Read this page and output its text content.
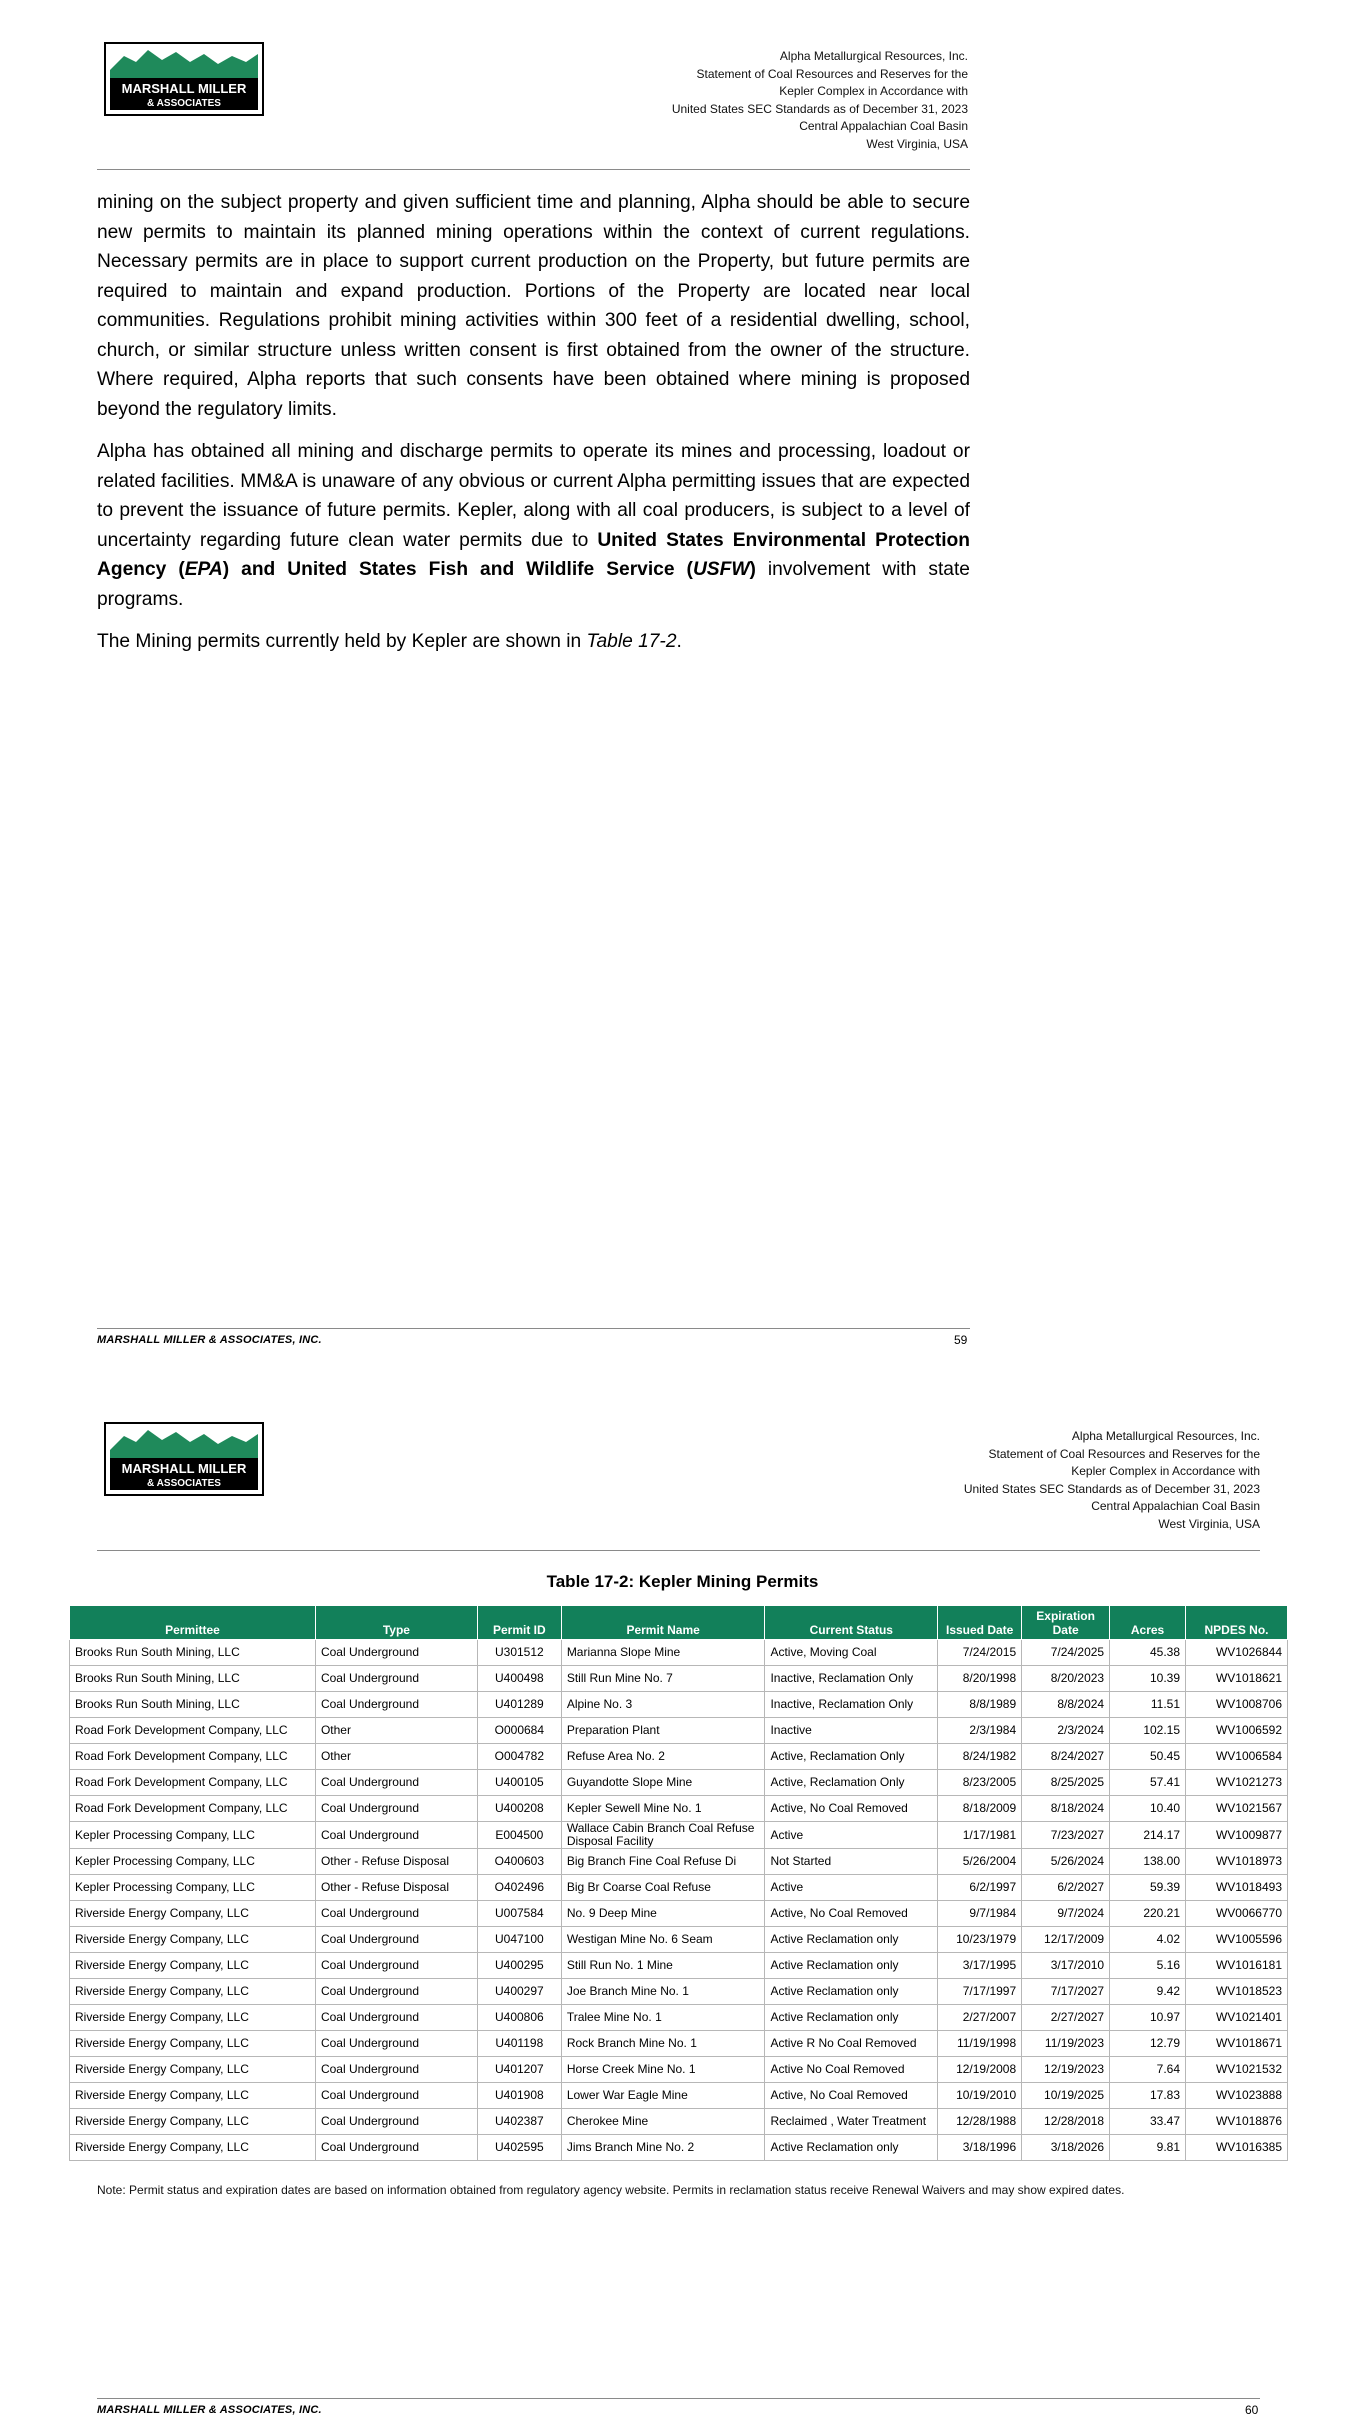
MARSHALL MILLER
& ASSOCIATES
Alpha Metallurgical Resources, Inc.
Statement of Coal Resources and Reserves for the
Kepler Complex in Accordance with
United States SEC Standards as of December 31, 2023
Central Appalachian Coal Basin
West Virginia, USA

mining on the subject property and given sufficient time and planning, Alpha should be able to secure new permits to maintain its planned mining operations within the context of current regulations. Necessary permits are in place to support current production on the Property, but future permits are required to maintain and expand production. Portions of the Property are located near local communities. Regulations prohibit mining activities within 300 feet of a residential dwelling, school, church, or similar structure unless written consent is first obtained from the owner of the structure. Where required, Alpha reports that such consents have been obtained where mining is proposed beyond the regulatory limits.

Alpha has obtained all mining and discharge permits to operate its mines and processing, loadout or related facilities. MM&A is unaware of any obvious or current Alpha permitting issues that are expected to prevent the issuance of future permits. Kepler, along with all coal producers, is subject to a level of uncertainty regarding future clean water permits due to United States Environmental Protection Agency (EPA) and United States Fish and Wildlife Service (USFW) involvement with state programs.

The Mining permits currently held by Kepler are shown in Table 17-2.

MARSHALL MILLER & ASSOCIATES, INC.	59
MARSHALL MILLER
& ASSOCIATES
Alpha Metallurgical Resources, Inc.
Statement of Coal Resources and Reserves for the
Kepler Complex in Accordance with
United States SEC Standards as of December 31, 2023
Central Appalachian Coal Basin
West Virginia, USA
Table 17-2: Kepler Mining Permits
Permittee	Type	Permit ID	Permit Name	Current Status	Issued Date	Expiration Date	Acres	NPDES No.
Brooks Run South Mining, LLC	Coal Underground	U301512	Marianna Slope Mine	Active, Moving Coal	7/24/2015	7/24/2025	45.38	WV1026844
Brooks Run South Mining, LLC	Coal Underground	U400498	Still Run Mine No. 7	Inactive, Reclamation Only	8/20/1998	8/20/2023	10.39	WV1018621
Brooks Run South Mining, LLC	Coal Underground	U401289	Alpine No. 3	Inactive, Reclamation Only	8/8/1989	8/8/2024	11.51	WV1008706
Road Fork Development Company, LLC	Other	O000684	Preparation Plant	Inactive	2/3/1984	2/3/2024	102.15	WV1006592
Road Fork Development Company, LLC	Other	O004782	Refuse Area No. 2	Active, Reclamation Only	8/24/1982	8/24/2027	50.45	WV1006584
Road Fork Development Company, LLC	Coal Underground	U400105	Guyandotte Slope Mine	Active, Reclamation Only	8/23/2005	8/25/2025	57.41	WV1021273
Road Fork Development Company, LLC	Coal Underground	U400208	Kepler Sewell Mine No. 1	Active, No Coal Removed	8/18/2009	8/18/2024	10.40	WV1021567
Kepler Processing Company, LLC	Coal Underground	E004500	Wallace Cabin Branch Coal Refuse Disposal Facility	Active	1/17/1981	7/23/2027	214.17	WV1009877
Kepler Processing Company, LLC	Other - Refuse Disposal	O400603	Big Branch Fine Coal Refuse Di	Not Started	5/26/2004	5/26/2024	138.00	WV1018973
Kepler Processing Company, LLC	Other - Refuse Disposal	O402496	Big Br Coarse Coal Refuse	Active	6/2/1997	6/2/2027	59.39	WV1018493
Riverside Energy Company, LLC	Coal Underground	U007584	No. 9 Deep Mine	Active, No Coal Removed	9/7/1984	9/7/2024	220.21	WV0066770
Riverside Energy Company, LLC	Coal Underground	U047100	Westigan Mine No. 6 Seam	Active Reclamation only	10/23/1979	12/17/2009	4.02	WV1005596
Riverside Energy Company, LLC	Coal Underground	U400295	Still Run No. 1 Mine	Active Reclamation only	3/17/1995	3/17/2010	5.16	WV1016181
Riverside Energy Company, LLC	Coal Underground	U400297	Joe Branch Mine No. 1	Active Reclamation only	7/17/1997	7/17/2027	9.42	WV1018523
Riverside Energy Company, LLC	Coal Underground	U400806	Tralee Mine No. 1	Active Reclamation only	2/27/2007	2/27/2027	10.97	WV1021401
Riverside Energy Company, LLC	Coal Underground	U401198	Rock Branch Mine No. 1	Active R No Coal Removed	11/19/1998	11/19/2023	12.79	WV1018671
Riverside Energy Company, LLC	Coal Underground	U401207	Horse Creek Mine No. 1	Active No Coal Removed	12/19/2008	12/19/2023	7.64	WV1021532
Riverside Energy Company, LLC	Coal Underground	U401908	Lower War Eagle Mine	Active, No Coal Removed	10/19/2010	10/19/2025	17.83	WV1023888
Riverside Energy Company, LLC	Coal Underground	U402387	Cherokee Mine	Reclaimed , Water Treatment	12/28/1988	12/28/2018	33.47	WV1018876
Riverside Energy Company, LLC	Coal Underground	U402595	Jims Branch Mine No. 2	Active Reclamation only	3/18/1996	3/18/2026	9.81	WV1016385
Note: Permit status and expiration dates are based on information obtained from regulatory agency website. Permits in reclamation status receive Renewal Waivers and may show expired dates.
MARSHALL MILLER & ASSOCIATES, INC.	60
